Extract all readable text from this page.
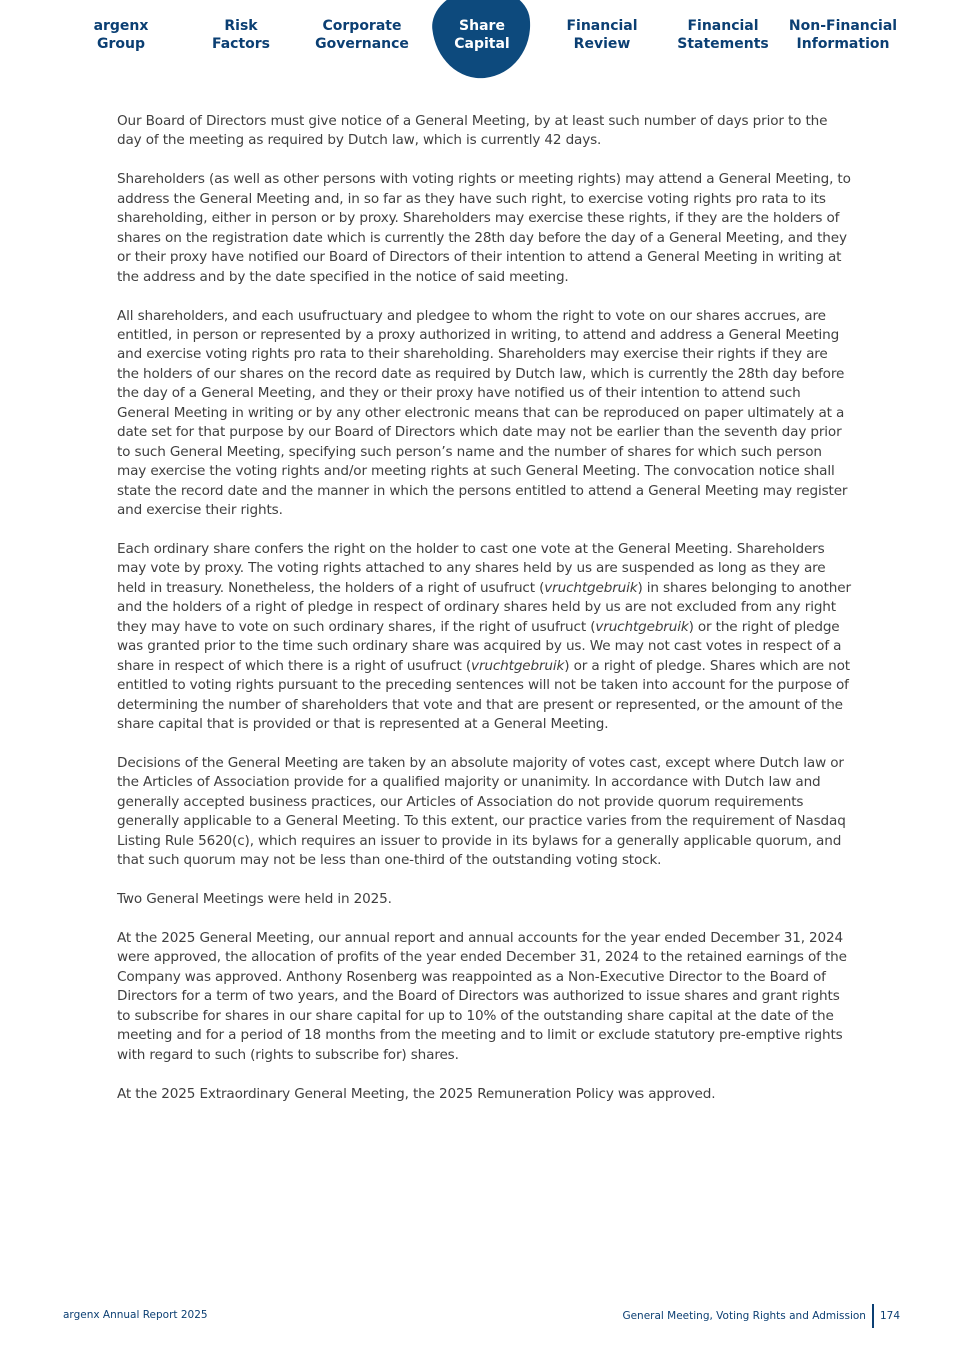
argenx
Group
Risk
Factors
Corporate
Governance
Share
Capital
Financial
Review
Financial
Statements
Non-Financial
Information

Our Board of Directors must give notice of a General Meeting, by at least such number of days prior to the day of the meeting as required by Dutch law, which is currently 42 days.

Shareholders (as well as other persons with voting rights or meeting rights) may attend a General Meeting, to address the General Meeting and, in so far as they have such right, to exercise voting rights pro rata to its shareholding, either in person or by proxy. Shareholders may exercise these rights, if they are the holders of shares on the registration date which is currently the 28th day before the day of a General Meeting, and they or their proxy have notified our Board of Directors of their intention to attend a General Meeting in writing at the address and by the date specified in the notice of said meeting.

All shareholders, and each usufructuary and pledgee to whom the right to vote on our shares accrues, are entitled, in person or represented by a proxy authorized in writing, to attend and address a General Meeting and exercise voting rights pro rata to their shareholding. Shareholders may exercise their rights if they are the holders of our shares on the record date as required by Dutch law, which is currently the 28th day before the day of a General Meeting, and they or their proxy have notified us of their intention to attend such General Meeting in writing or by any other electronic means that can be reproduced on paper ultimately at a date set for that purpose by our Board of Directors which date may not be earlier than the seventh day prior to such General Meeting, specifying such person’s name and the number of shares for which such person may exercise the voting rights and/or meeting rights at such General Meeting. The convocation notice shall state the record date and the manner in which the persons entitled to attend a General Meeting may register and exercise their rights.

Each ordinary share confers the right on the holder to cast one vote at the General Meeting. Shareholders may vote by proxy. The voting rights attached to any shares held by us are suspended as long as they are held in treasury. Nonetheless, the holders of a right of usufruct (vruchtgebruik) in shares belonging to another and the holders of a right of pledge in respect of ordinary shares held by us are not excluded from any right they may have to vote on such ordinary shares, if the right of usufruct (vruchtgebruik) or the right of pledge was granted prior to the time such ordinary share was acquired by us. We may not cast votes in respect of a share in respect of which there is a right of usufruct (vruchtgebruik) or a right of pledge. Shares which are not entitled to voting rights pursuant to the preceding sentences will not be taken into account for the purpose of determining the number of shareholders that vote and that are present or represented, or the amount of the share capital that is provided or that is represented at a General Meeting.

Decisions of the General Meeting are taken by an absolute majority of votes cast, except where Dutch law or the Articles of Association provide for a qualified majority or unanimity. In accordance with Dutch law and generally accepted business practices, our Articles of Association do not provide quorum requirements generally applicable to a General Meeting. To this extent, our practice varies from the requirement of Nasdaq Listing Rule 5620(c), which requires an issuer to provide in its bylaws for a generally applicable quorum, and that such quorum may not be less than one-third of the outstanding voting stock.

Two General Meetings were held in 2025.

At the 2025 General Meeting, our annual report and annual accounts for the year ended December 31, 2024 were approved, the allocation of profits of the year ended December 31, 2024 to the retained earnings of the Company was approved. Anthony Rosenberg was reappointed as a Non-Executive Director to the Board of Directors for a term of two years, and the Board of Directors was authorized to issue shares and grant rights to subscribe for shares in our share capital for up to 10% of the outstanding share capital at the date of the meeting and for a period of 18 months from the meeting and to limit or exclude statutory pre-emptive rights with regard to such (rights to subscribe for) shares.

At the 2025 Extraordinary General Meeting, the 2025 Remuneration Policy was approved.

argenx Annual Report 2025	General Meeting, Voting Rights and Admission 174
